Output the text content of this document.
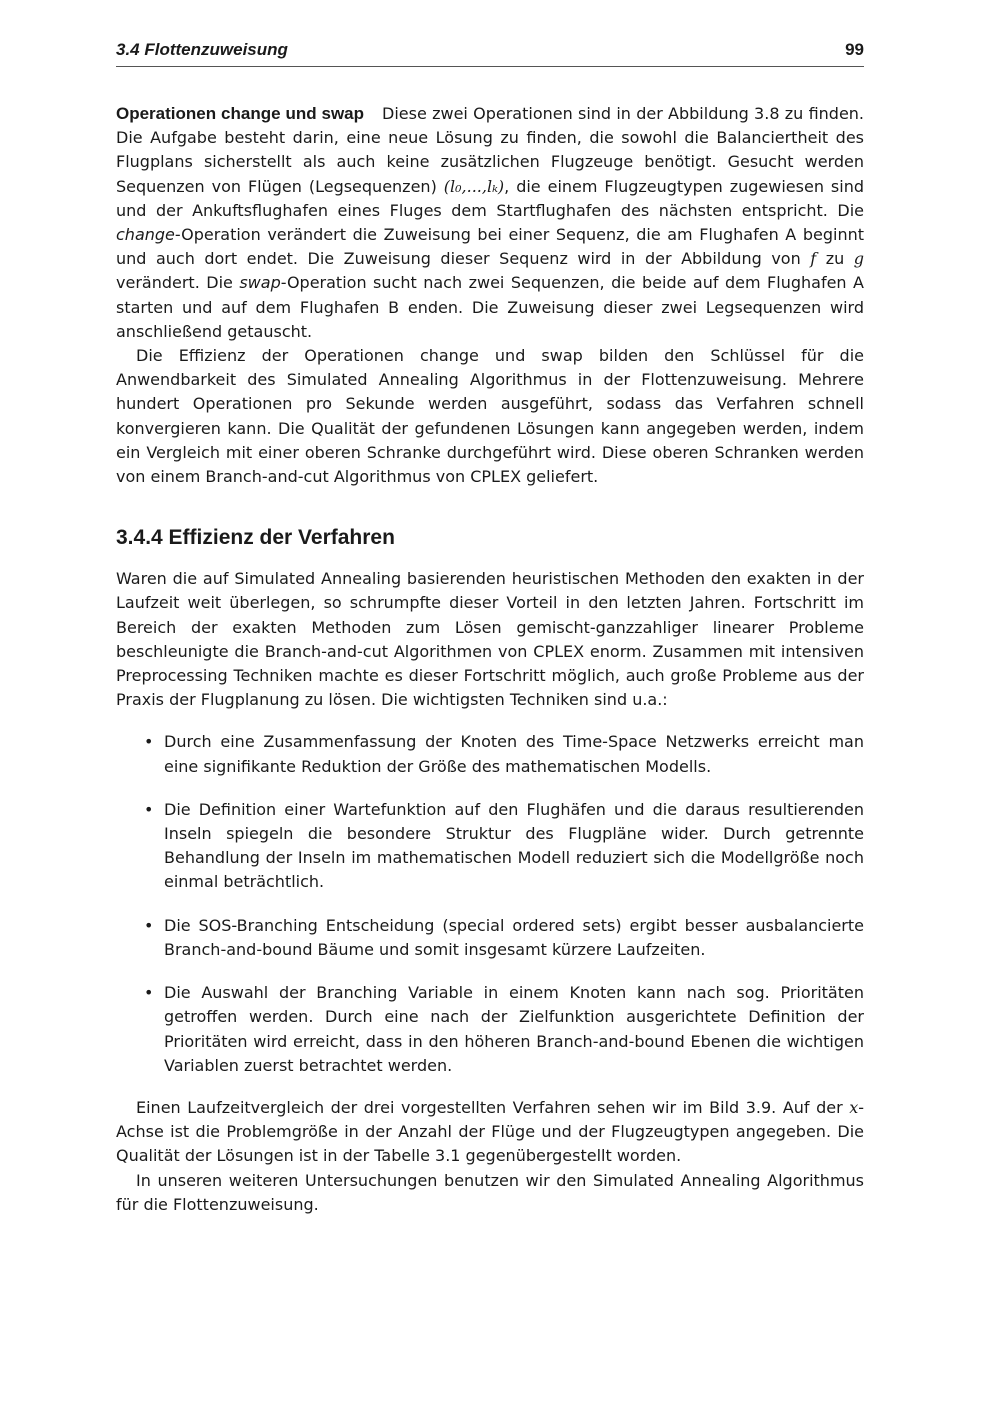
3.4 Flottenzuweisung	99

Operationen change und swap Diese zwei Operationen sind in der Abbildung 3.8 zu finden. Die Aufgabe besteht darin, eine neue Lösung zu finden, die sowohl die Balanciertheit des Flugplans sicherstellt als auch keine zusätzlichen Flugzeuge benötigt. Gesucht werden Sequenzen von Flügen (Legsequenzen) (l₀,...,lₖ), die einem Flugzeugtypen zugewiesen sind und der Ankuftsflughafen eines Fluges dem Startflughafen des nächsten entspricht. Die change-Operation verändert die Zuweisung bei einer Sequenz, die am Flughafen A beginnt und auch dort endet. Die Zuweisung dieser Sequenz wird in der Abbildung von f zu g verändert. Die swap-Operation sucht nach zwei Sequenzen, die beide auf dem Flughafen A starten und auf dem Flughafen B enden. Die Zuweisung dieser zwei Legsequenzen wird anschließend getauscht.

Die Effizienz der Operationen change und swap bilden den Schlüssel für die Anwendbarkeit des Simulated Annealing Algorithmus in der Flottenzuweisung. Mehrere hundert Operationen pro Sekunde werden ausgeführt, sodass das Verfahren schnell konvergieren kann. Die Qualität der gefundenen Lösungen kann angegeben werden, indem ein Vergleich mit einer oberen Schranke durchgeführt wird. Diese oberen Schranken werden von einem Branch-and-cut Algorithmus von CPLEX geliefert.

3.4.4 Effizienz der Verfahren

Waren die auf Simulated Annealing basierenden heuristischen Methoden den exakten in der Laufzeit weit überlegen, so schrumpfte dieser Vorteil in den letzten Jahren. Fortschritt im Bereich der exakten Methoden zum Lösen gemischt-ganzzahliger linearer Probleme beschleunigte die Branch-and-cut Algorithmen von CPLEX enorm. Zusammen mit intensiven Preprocessing Techniken machte es dieser Fortschritt möglich, auch große Probleme aus der Praxis der Flugplanung zu lösen. Die wichtigsten Techniken sind u.a.:

• Durch eine Zusammenfassung der Knoten des Time-Space Netzwerks erreicht man eine signifikante Reduktion der Größe des mathematischen Modells.
• Die Definition einer Wartefunktion auf den Flughäfen und die daraus resultierenden Inseln spiegeln die besondere Struktur des Flugpläne wider. Durch getrennte Behandlung der Inseln im mathematischen Modell reduziert sich die Modellgröße noch einmal beträchtlich.
• Die SOS-Branching Entscheidung (special ordered sets) ergibt besser ausbalancierte Branch-and-bound Bäume und somit insgesamt kürzere Laufzeiten.
• Die Auswahl der Branching Variable in einem Knoten kann nach sog. Prioritäten getroffen werden. Durch eine nach der Zielfunktion ausgerichtete Definition der Prioritäten wird erreicht, dass in den höheren Branch-and-bound Ebenen die wichtigen Variablen zuerst betrachtet werden.

Einen Laufzeitvergleich der drei vorgestellten Verfahren sehen wir im Bild 3.9. Auf der x-Achse ist die Problemgröße in der Anzahl der Flüge und der Flugzeugtypen angegeben. Die Qualität der Lösungen ist in der Tabelle 3.1 gegenübergestellt worden.

In unseren weiteren Untersuchungen benutzen wir den Simulated Annealing Algorithmus für die Flottenzuweisung.
